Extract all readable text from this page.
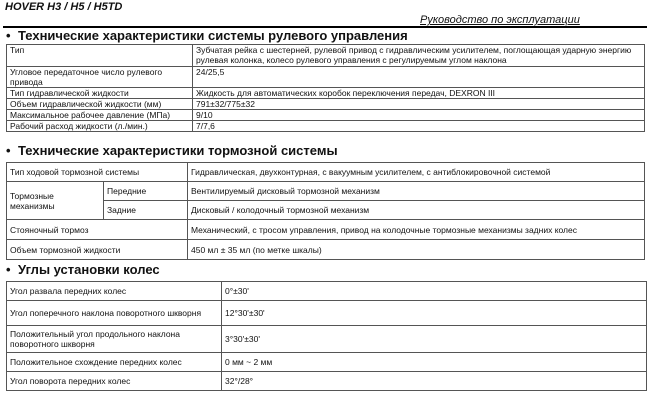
HOVER H3 / H5 / H5TD
Руководство по эксплуатации
• Технические характеристики системы рулевого управления
Тип	Зубчатая рейка с шестерней, рулевой привод с гидравлическим усилителем, поглощающая ударную энергию рулевая колонка, колесо рулевого управления с регулируемым углом наклона
Угловое передаточное число рулевого привода	24/25,5
Тип гидравлической жидкости	Жидкость для автоматических коробок переключения передач, DEXRON III
Объем гидравлической жидкости (мм)	791±32/775±32
Максимальное рабочее давление (МПа)	9/10
Рабочий расход жидкости (л./мин.)	7/7,6
• Технические характеристики тормозной системы
Тип ходовой тормозной системы		Гидравлическая, двухконтурная, с вакуумным усилителем, с антиблокировочной системой
Тормозные механизмы	Передние	Вентилируемый дисковый тормозной механизм
	Задние	Дисковый / колодочный тормозной механизм
Стояночный тормоз		Механический, с тросом управления, привод на колодочные тормозные механизмы задних колес
Объем тормозной жидкости		450 мл ± 35 мл (по метке шкалы)
• Углы установки колес
Угол развала передних колес	0°±30'
Угол поперечного наклона поворотного шкворня	12°30'±30'
Положительный угол продольного наклона поворотного шкворня	3°30'±30'
Положительное схождение передних колес	0 мм ~ 2 мм
Угол поворота передних колес	32°/28°
